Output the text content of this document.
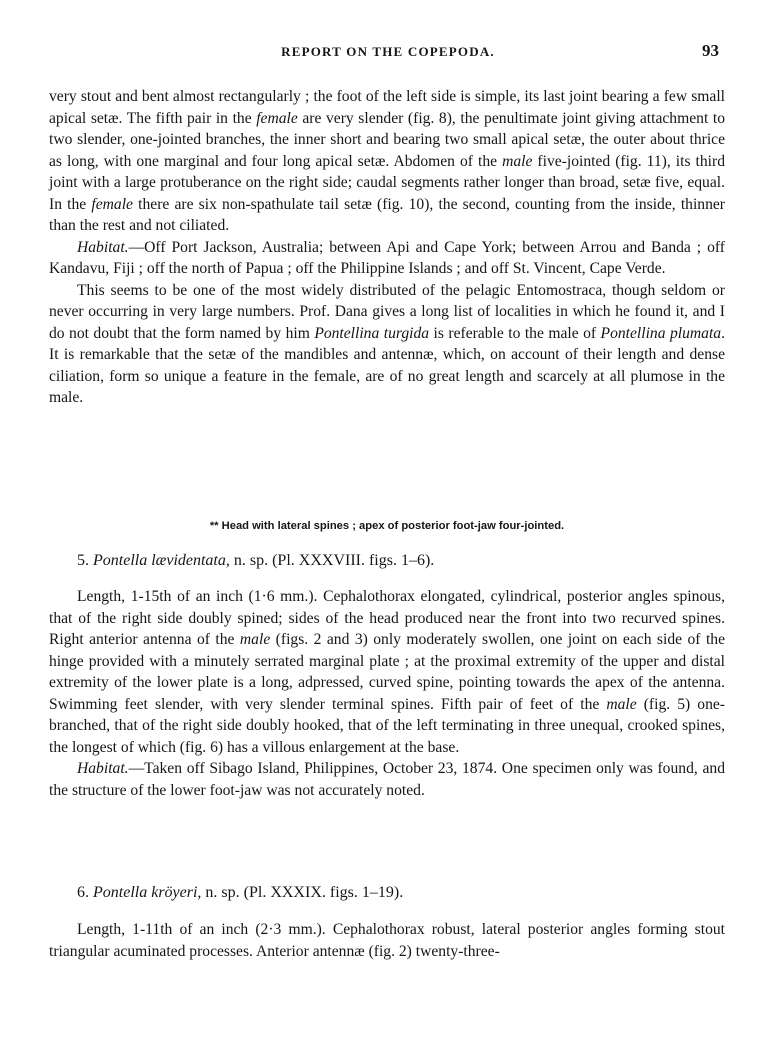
REPORT ON THE COPEPODA.	93

very stout and bent almost rectangularly ; the foot of the left side is simple, its last joint bearing a few small apical setæ. The fifth pair in the female are very slender (fig. 8), the penultimate joint giving attachment to two slender, one-jointed branches, the inner short and bearing two small apical setæ, the outer about thrice as long, with one marginal and four long apical setæ. Abdomen of the male five-jointed (fig. 11), its third joint with a large protuberance on the right side; caudal segments rather longer than broad, setæ five, equal. In the female there are six non-spathulate tail setæ (fig. 10), the second, counting from the inside, thinner than the rest and not ciliated.

Habitat.—Off Port Jackson, Australia; between Api and Cape York; between Arrou and Banda ; off Kandavu, Fiji ; off the north of Papua ; off the Philippine Islands ; and off St. Vincent, Cape Verde.

This seems to be one of the most widely distributed of the pelagic Entomostraca, though seldom or never occurring in very large numbers. Prof. Dana gives a long list of localities in which he found it, and I do not doubt that the form named by him Pontellina turgida is referable to the male of Pontellina plumata. It is remarkable that the setæ of the mandibles and antennæ, which, on account of their length and dense ciliation, form so unique a feature in the female, are of no great length and scarcely at all plumose in the male.

** Head with lateral spines ; apex of posterior foot-jaw four-jointed.
5. Pontella lævidentata, n. sp. (Pl. XXXVIII. figs. 1–6).

Length, 1-15th of an inch (1·6 mm.). Cephalothorax elongated, cylindrical, posterior angles spinous, that of the right side doubly spined; sides of the head produced near the front into two recurved spines. Right anterior antenna of the male (figs. 2 and 3) only moderately swollen, one joint on each side of the hinge provided with a minutely serrated marginal plate ; at the proximal extremity of the upper and distal extremity of the lower plate is a long, adpressed, curved spine, pointing towards the apex of the antenna. Swimming feet slender, with very slender terminal spines. Fifth pair of feet of the male (fig. 5) one-branched, that of the right side doubly hooked, that of the left terminating in three unequal, crooked spines, the longest of which (fig. 6) has a villous enlargement at the base.

Habitat.—Taken off Sibago Island, Philippines, October 23, 1874. One specimen only was found, and the structure of the lower foot-jaw was not accurately noted.

6. Pontella kröyeri, n. sp. (Pl. XXXIX. figs. 1–19).

Length, 1-11th of an inch (2·3 mm.). Cephalothorax robust, lateral posterior angles forming stout triangular acuminated processes. Anterior antennæ (fig. 2) twenty-three-
